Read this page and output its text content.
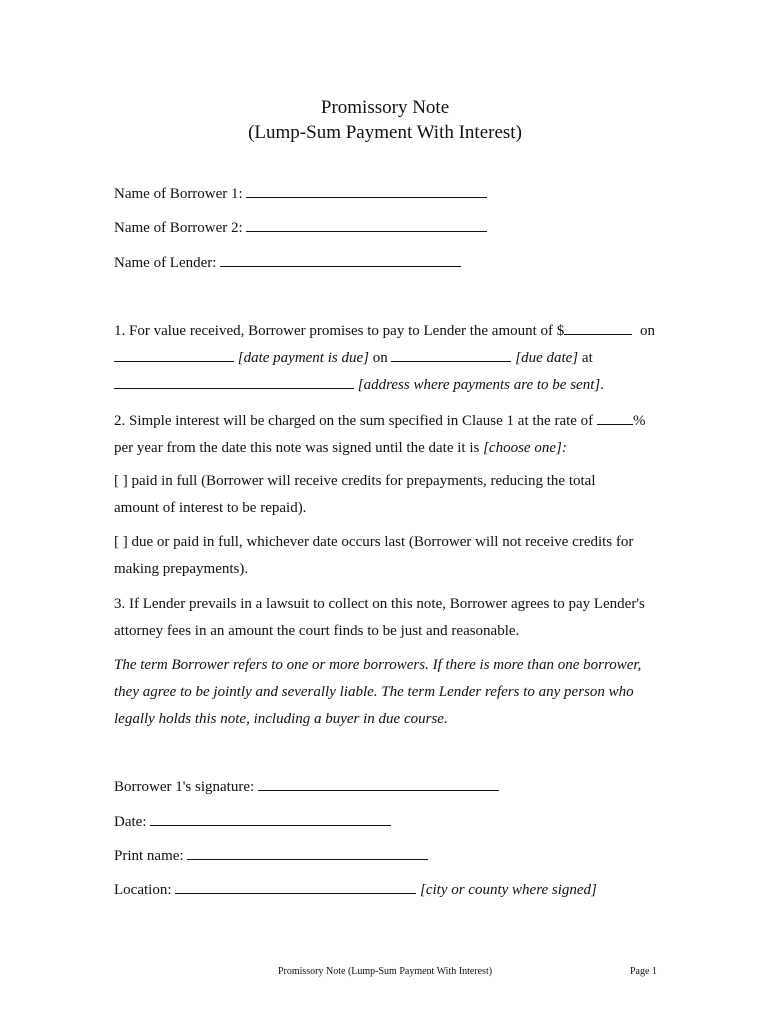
Promissory Note
(Lump-Sum Payment With Interest)
Name of Borrower 1:
Name of Borrower 2:
Name of Lender:
1. For value received, Borrower promises to pay to Lender the amount of $	on
[date payment is due] on	[due date] at
[address where payments are to be sent].
2. Simple interest will be charged on the sum specified in Clause 1 at the rate of %
per year from the date this note was signed until the date it is [choose one]:
[ ] paid in full (Borrower will receive credits for prepayments, reducing the total
amount of interest to be repaid).
[ ] due or paid in full, whichever date occurs last (Borrower will not receive credits for
making prepayments).
3. If Lender prevails in a lawsuit to collect on this note, Borrower agrees to pay Lender's
attorney fees in an amount the court finds to be just and reasonable.
The term Borrower refers to one or more borrowers. If there is more than one borrower,
they agree to be jointly and severally liable. The term Lender refers to any person who
legally holds this note, including a buyer in due course.
Borrower 1's signature:
Date:
Print name:
Location:	[city or county where signed]
Promissory Note (Lump-Sum Payment With Interest)	Page 1
